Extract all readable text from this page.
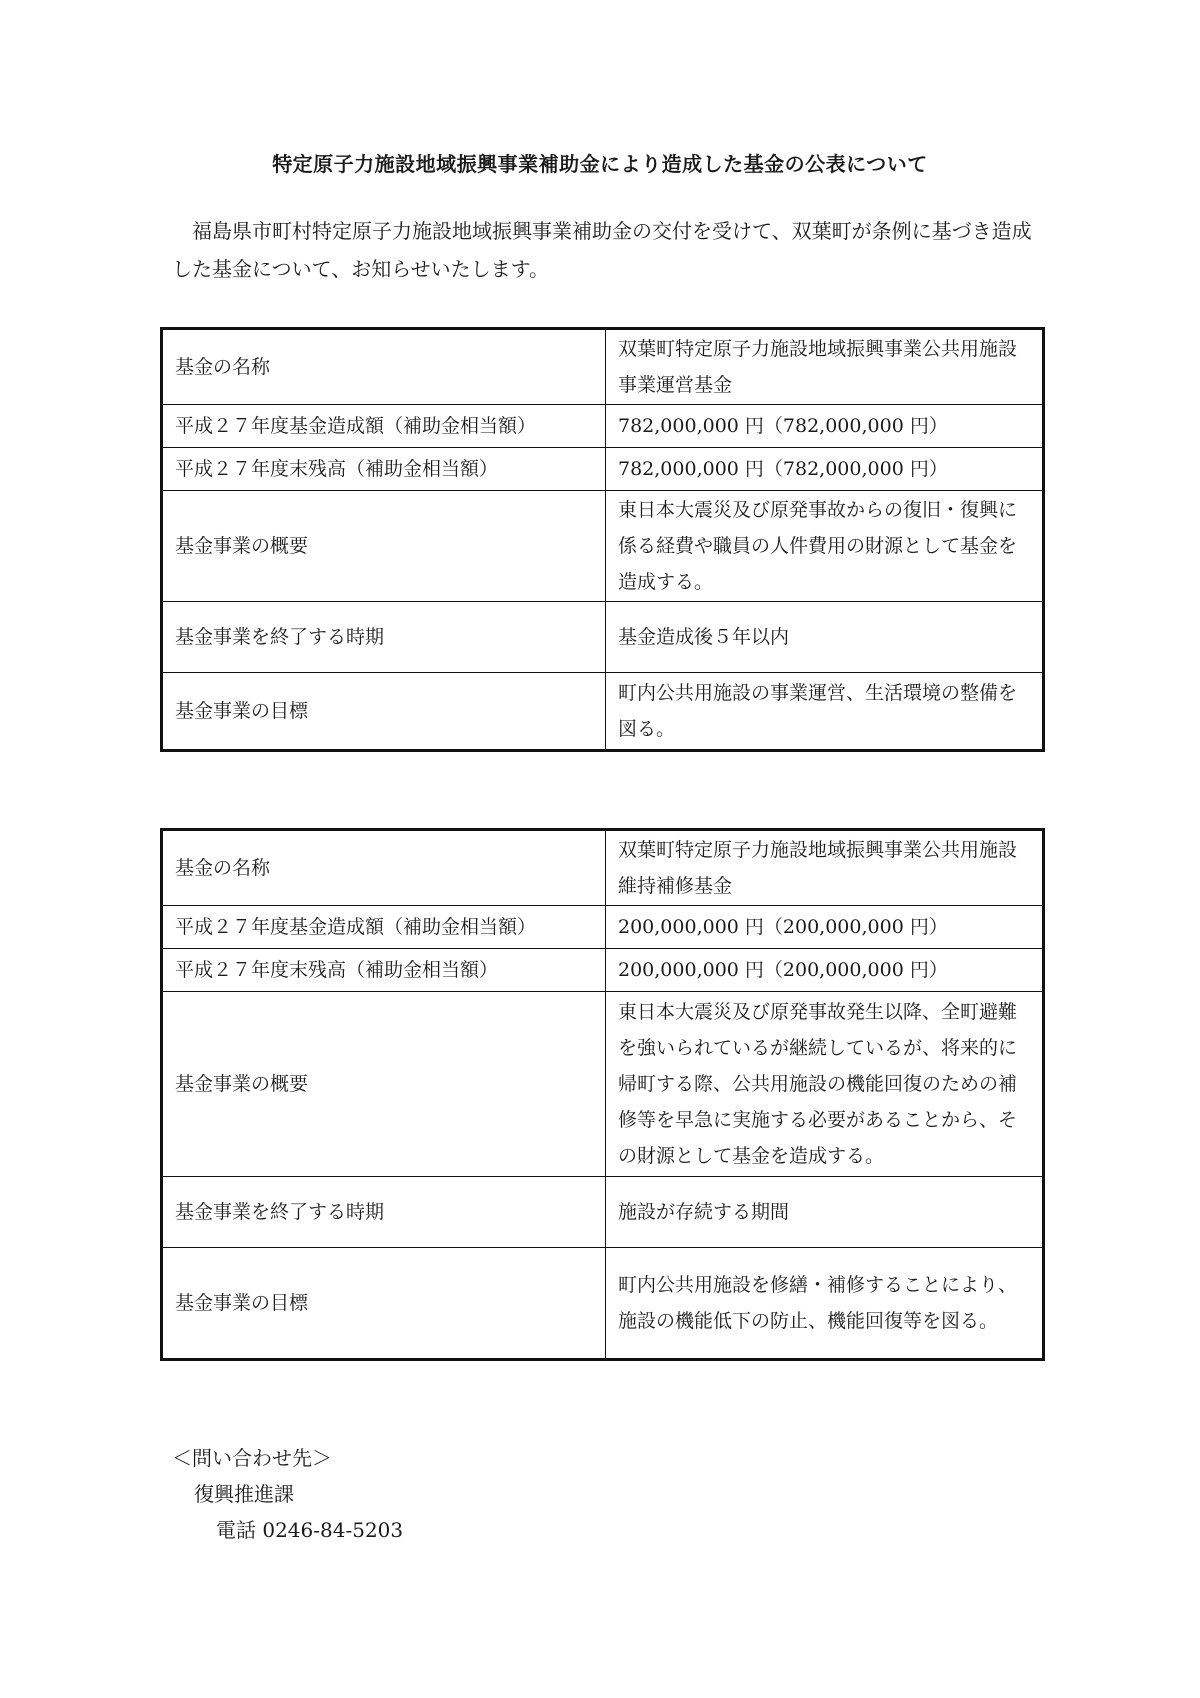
特定原子力施設地域振興事業補助金により造成した基金の公表について

福島県市町村特定原子力施設地域振興事業補助金の交付を受けて、双葉町が条例に基づき造成した基金について、お知らせいたします。

基金の名称	双葉町特定原子力施設地域振興事業公共用施設事業運営基金
平成２７年度基金造成額（補助金相当額）	782,000,000 円（782,000,000 円）
平成２７年度末残高（補助金相当額）	782,000,000 円（782,000,000 円）
基金事業の概要	東日本大震災及び原発事故からの復旧・復興に係る経費や職員の人件費用の財源として基金を造成する。
基金事業を終了する時期	基金造成後５年以内
基金事業の目標	町内公共用施設の事業運営、生活環境の整備を図る。
基金の名称	双葉町特定原子力施設地域振興事業公共用施設維持補修基金
平成２７年度基金造成額（補助金相当額）	200,000,000 円（200,000,000 円）
平成２７年度末残高（補助金相当額）	200,000,000 円（200,000,000 円）
基金事業の概要	東日本大震災及び原発事故発生以降、全町避難を強いられているが継続しているが、将来的に帰町する際、公共用施設の機能回復のための補修等を早急に実施する必要があることから、その財源として基金を造成する。
基金事業を終了する時期	施設が存続する期間
基金事業の目標	町内公共用施設を修繕・補修することにより、施設の機能低下の防止、機能回復等を図る。
＜問い合わせ先＞
復興推進課
電話 0246-84-5203
